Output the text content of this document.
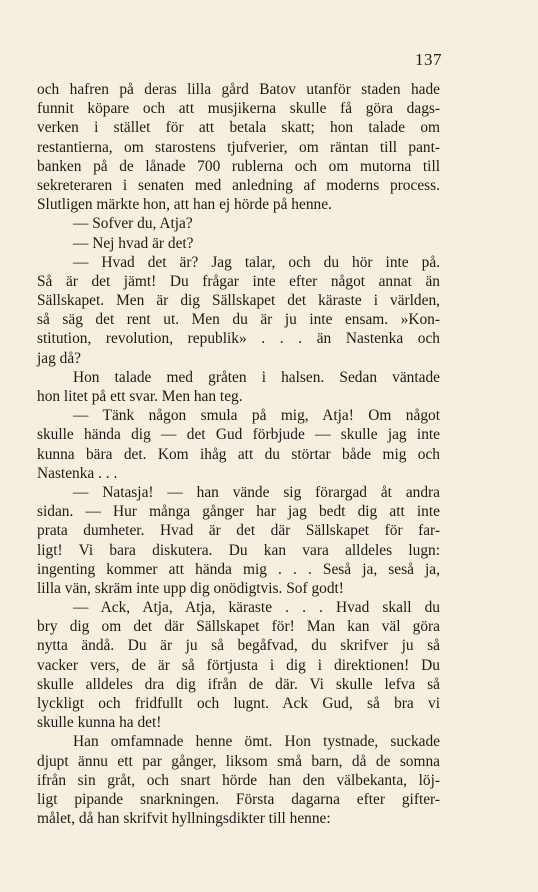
137
och hafren på deras lilla gård Batov utanför staden hade
funnit köpare och att musjikerna skulle få göra dags-
verken i stället för att betala skatt; hon talade om
restantierna, om starostens tjufverier, om räntan till pant-
banken på de lånade 700 rublerna och om mutorna till
sekreteraren i senaten med anledning af moderns process.
Slutligen märkte hon, att han ej hörde på henne.
— Sofver du, Atja?
— Nej hvad är det?
— Hvad det är? Jag talar, och du hör inte på.
Så är det jämt! Du frågar inte efter något annat än
Sällskapet. Men är dig Sällskapet det käraste i världen,
så säg det rent ut. Men du är ju inte ensam. »Kon-
stitution, revolution, republik» . . . än Nastenka och
jag då?
Hon talade med gråten i halsen. Sedan väntade
hon litet på ett svar. Men han teg.
— Tänk någon smula på mig, Atja! Om något
skulle hända dig — det Gud förbjude — skulle jag inte
kunna bära det. Kom ihåg att du störtar både mig och
Nastenka . . .
— Natasja! — han vände sig förargad åt andra
sidan. — Hur många gånger har jag bedt dig att inte
prata dumheter. Hvad är det där Sällskapet för far-
ligt! Vi bara diskutera. Du kan vara alldeles lugn:
ingenting kommer att hända mig . . . Seså ja, seså ja,
lilla vän, skräm inte upp dig onödigtvis. Sof godt!
— Ack, Atja, Atja, käraste . . . Hvad skall du
bry dig om det där Sällskapet för! Man kan väl göra
nytta ändå. Du är ju så begåfvad, du skrifver ju så
vacker vers, de är så förtjusta i dig i direktionen! Du
skulle alldeles dra dig ifrån de där. Vi skulle lefva så
lyckligt och fridfullt och lugnt. Ack Gud, så bra vi
skulle kunna ha det!
Han omfamnade henne ömt. Hon tystnade, suckade
djupt ännu ett par gånger, liksom små barn, då de somna
ifrån sin gråt, och snart hörde han den välbekanta, löj-
ligt pipande snarkningen. Första dagarna efter gifter-
målet, då han skrifvit hyllningsdikter till henne:
